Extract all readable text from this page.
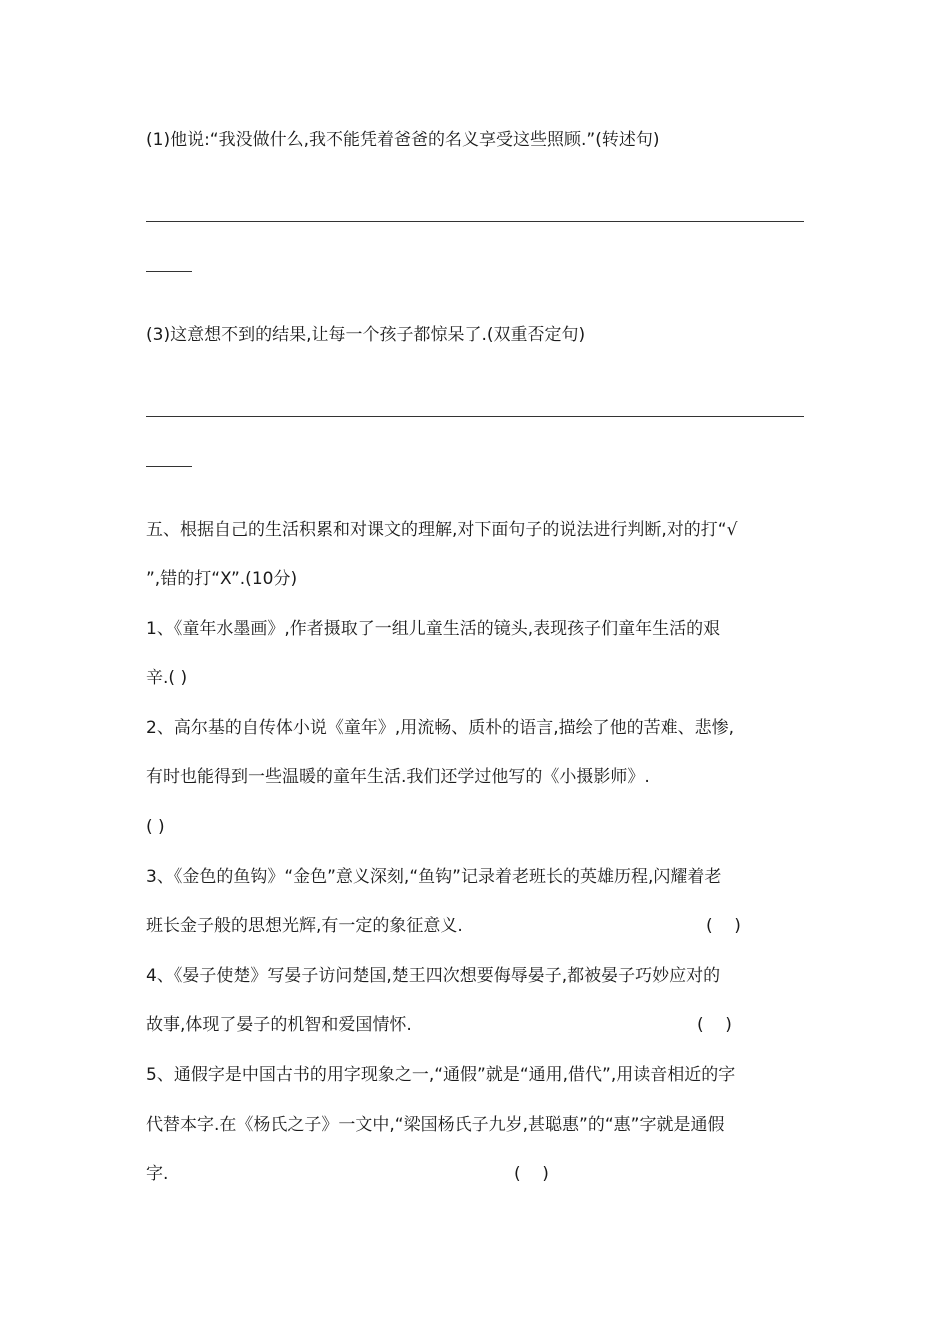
(1)他说:“我没做什么,我不能凭着爸爸的名义享受这些照顾.”(转述句)
(3)这意想不到的结果,让每一个孩子都惊呆了.(双重否定句)
五、根据自己的生活积累和对课文的理解,对下面句子的说法进行判断,对的打“√
”,错的打“X”.(10分)
1、《童年水墨画》,作者摄取了一组儿童生活的镜头,表现孩子们童年生活的艰
辛.( )
2、高尔基的自传体小说《童年》,用流畅、质朴的语言,描绘了他的苦难、悲惨,
有时也能得到一些温暖的童年生活.我们还学过他写的《小摄影师》.
( )
3、《金色的鱼钩》“金色”意义深刻,“鱼钩”记录着老班长的英雄历程,闪耀着老
班长金子般的思想光辉,有一定的象征意义.	(    )
4、《晏子使楚》写晏子访问楚国,楚王四次想要侮辱晏子,都被晏子巧妙应对的
故事,体现了晏子的机智和爱国情怀.	(    )
5、通假字是中国古书的用字现象之一,“通假”就是“通用,借代”,用读音相近的字
代替本字.在《杨氏之子》一文中,“梁国杨氏子九岁,甚聪惠”的“惠”字就是通假
字.	(    )
